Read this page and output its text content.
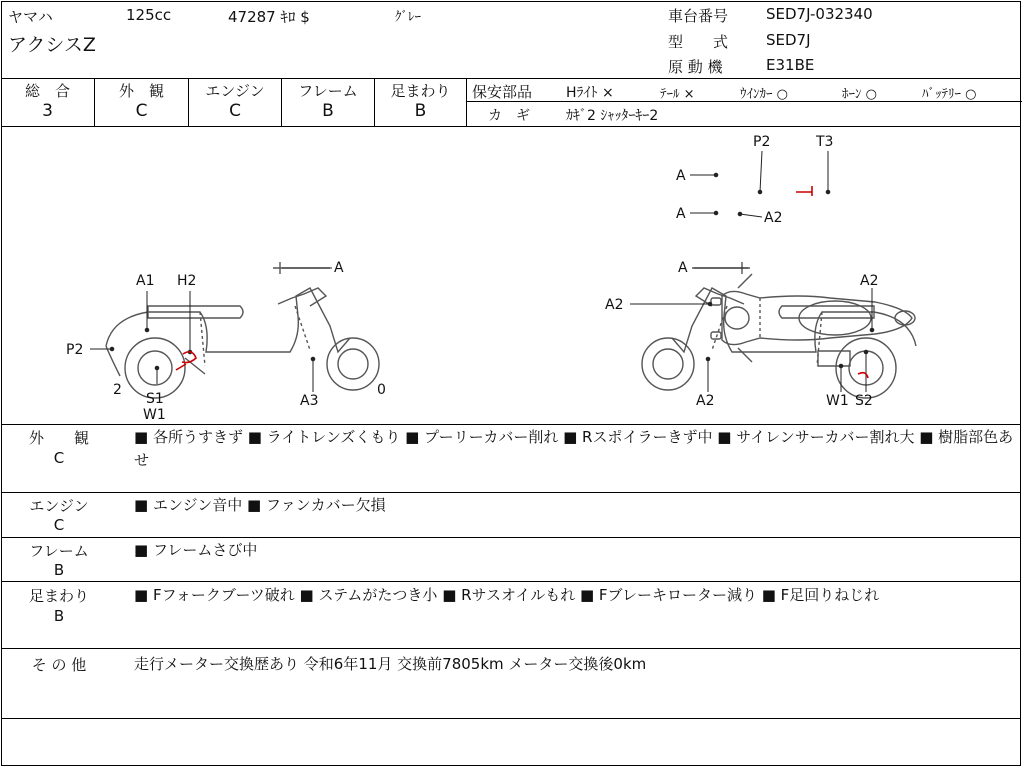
ヤマハ	125cc	47287 ｷﾛ $	ｸﾞﾚｰ
アクシスZ
車台番号	SED7J-032340
型　　式	SED7J
原 動 機	E31BE
総　合
3
外　観
C
エンジン
C
フレーム
B
足まわり
B
保安部品 Hﾗｲﾄ ×	ﾃｰﾙ ×	ｳｲﾝｶｰ ○	ﾎｰﾝ ○	ﾊﾞｯﾃﾘｰ ○
カ　ギ	ｶｷﾞ2 ｼｬｯﾀｰｷｰ2
A
A
P2	T3
A2
A1 H2
A
P2
2
S1
W1
A3
0
A
A2
A2
A2	W1 S2
外　　観
C
■ 各所うすきず ■ ライトレンズくもり ■ プーリーカバー削れ ■ Rスポイラーきず中 ■ サイレンサーカバー割れ大 ■ 樹脂部色あせ
エンジン
C
■ エンジン音中 ■ ファンカバー欠損
フレーム
B
■ フレームさび中
足まわり
B
■ Fフォークブーツ破れ ■ ステムがたつき小 ■ Rサスオイルもれ ■ Fブレーキローター減り ■ F足回りねじれ
そ の 他	走行メーター交換歴あり 令和6年11月 交換前7805km メーター交換後0km
